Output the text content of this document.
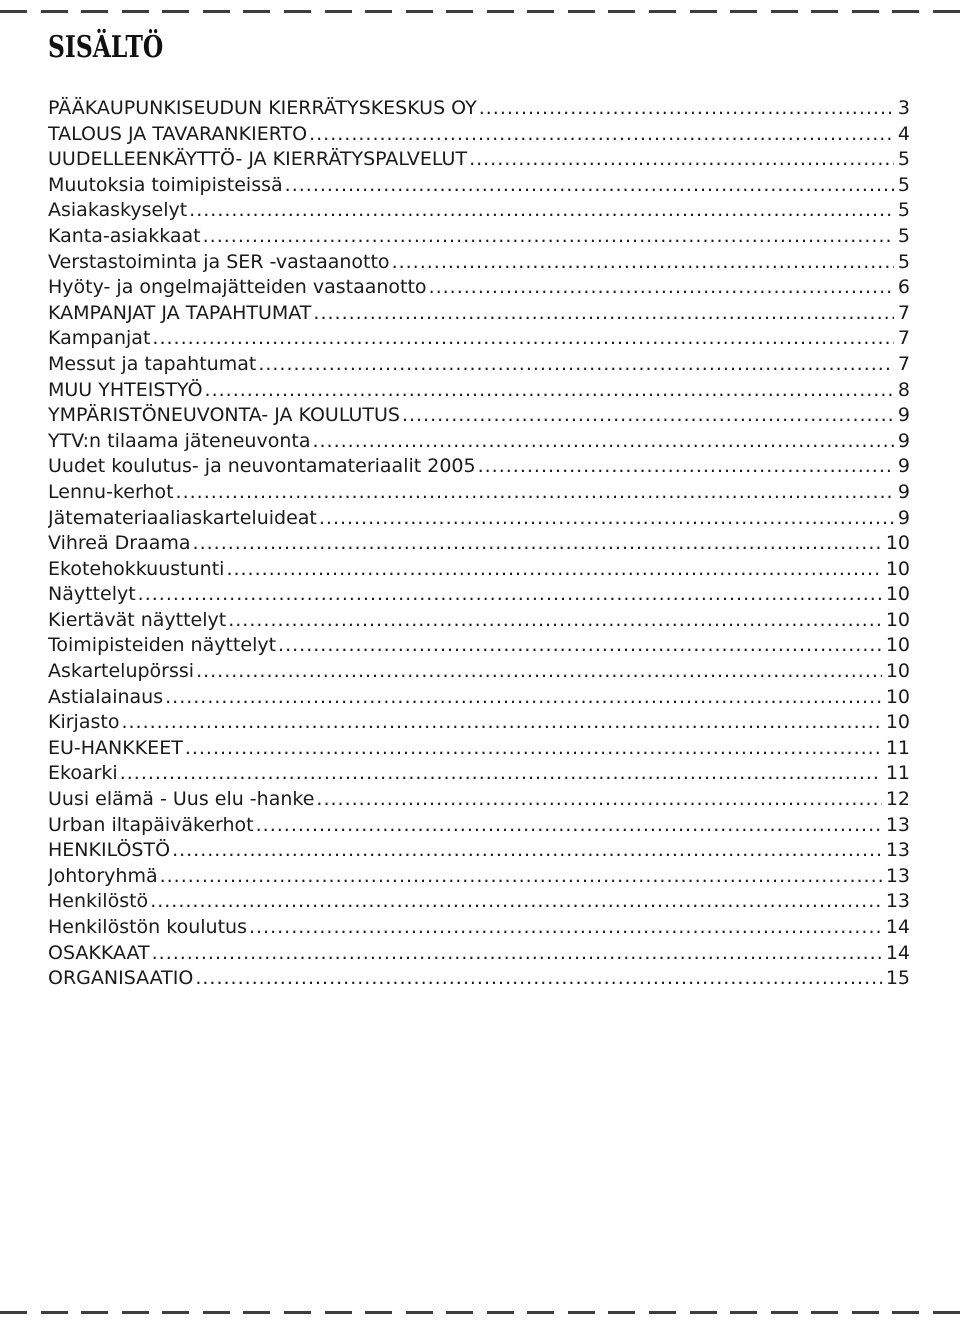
SISÄLTÖ
PÄÄKAUPUNKISEUDUN KIERRÄTYSKESKUS OY .....	3
TALOUS JA TAVARANKIERTO .....	4
UUDELLEENKÄYTTÖ- JA KIERRÄTYSPALVELUT .....	5
Muutoksia toimipisteissä .....	5
Asiakaskyselyt .....	5
Kanta-asiakkaat .....	5
Verstastoiminta ja SER -vastaanotto .....	5
Hyöty- ja ongelmajätteiden vastaanotto .....	6
KAMPANJAT JA TAPAHTUMAT .....	7
Kampanjat .....	7
Messut ja tapahtumat .....	7
MUU YHTEISTYÖ .....	8
YMPÄRISTÖNEUVONTA- JA KOULUTUS .....	9
YTV:n tilaama jäteneuvonta .....	9
Uudet koulutus- ja neuvontamateriaalit 2005 .....	9
Lennu-kerhot .....	9
Jätemateriaaliaskarteluideat .....	9
Vihreä Draama .....	10
Ekotehokkuustunti .....	10
Näyttelyt .....	10
Kiertävät näyttelyt .....	10
Toimipisteiden näyttelyt .....	10
Askartelupörssi .....	10
Astialainaus .....	10
Kirjasto .....	10
EU-HANKKEET .....	11
Ekoarki .....	11
Uusi elämä - Uus elu -hanke .....	12
Urban iltapäiväkerhot .....	13
HENKILÖSTÖ .....	13
Johtoryhmä .....	13
Henkilöstö .....	13
Henkilöstön koulutus .....	14
OSAKKAAT .....	14
ORGANISAATIO .....	15
